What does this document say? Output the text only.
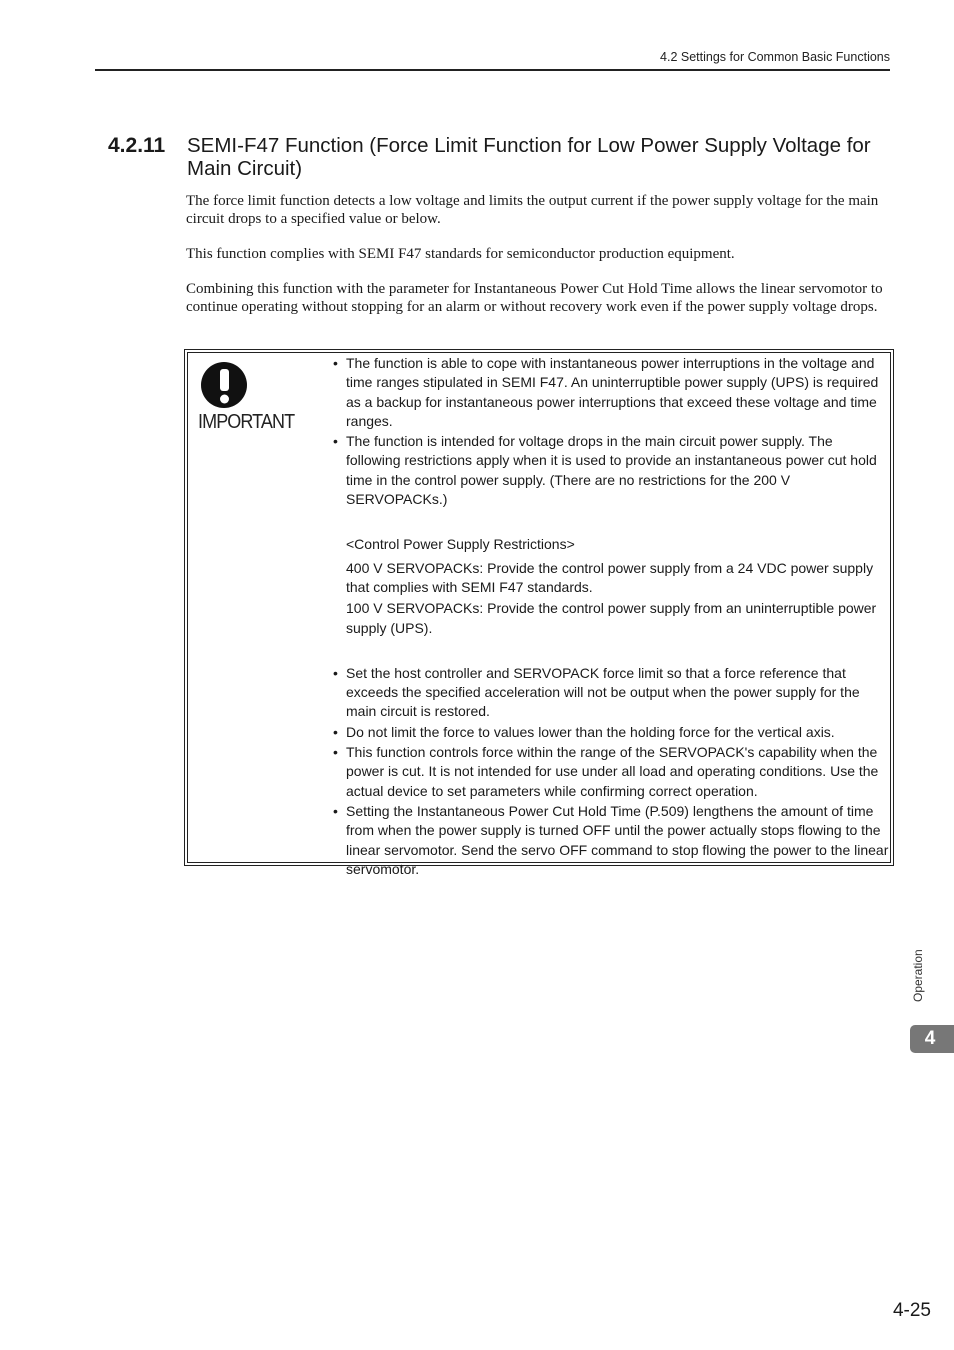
4.2 Settings for Common Basic Functions
4.2.11 SEMI-F47 Function (Force Limit Function for Low Power Supply Voltage for Main Circuit)

The force limit function detects a low voltage and limits the output current if the power supply voltage for the main circuit drops to a specified value or below.

This function complies with SEMI F47 standards for semiconductor production equipment.

Combining this function with the parameter for Instantaneous Power Cut Hold Time allows the linear servomotor to continue operating without stopping for an alarm or without recovery work even if the power supply voltage drops.

IMPORTANT
• The function is able to cope with instantaneous power interruptions in the voltage and time ranges stipulated in SEMI F47. An uninterruptible power supply (UPS) is required as a backup for instantaneous power interruptions that exceed these voltage and time ranges.
• The function is intended for voltage drops in the main circuit power supply. The following restrictions apply when it is used to provide an instantaneous power cut hold time in the control power supply. (There are no restrictions for the 200 V SERVOPACKs.)
<Control Power Supply Restrictions>
400 V SERVOPACKs: Provide the control power supply from a 24 VDC power supply that complies with SEMI F47 standards.
100 V SERVOPACKs: Provide the control power supply from an uninterruptible power supply (UPS).
• Set the host controller and SERVOPACK force limit so that a force reference that exceeds the specified acceleration will not be output when the power supply for the main circuit is restored.
• Do not limit the force to values lower than the holding force for the vertical axis.
• This function controls force within the range of the SERVOPACK's capability when the power is cut. It is not intended for use under all load and operating conditions. Use the actual device to set parameters while confirming correct operation.
• Setting the Instantaneous Power Cut Hold Time (P.509) lengthens the amount of time from when the power supply is turned OFF until the power actually stops flowing to the linear servomotor. Send the servo OFF command to stop flowing the power to the linear servomotor.
Operation
4
4-25
